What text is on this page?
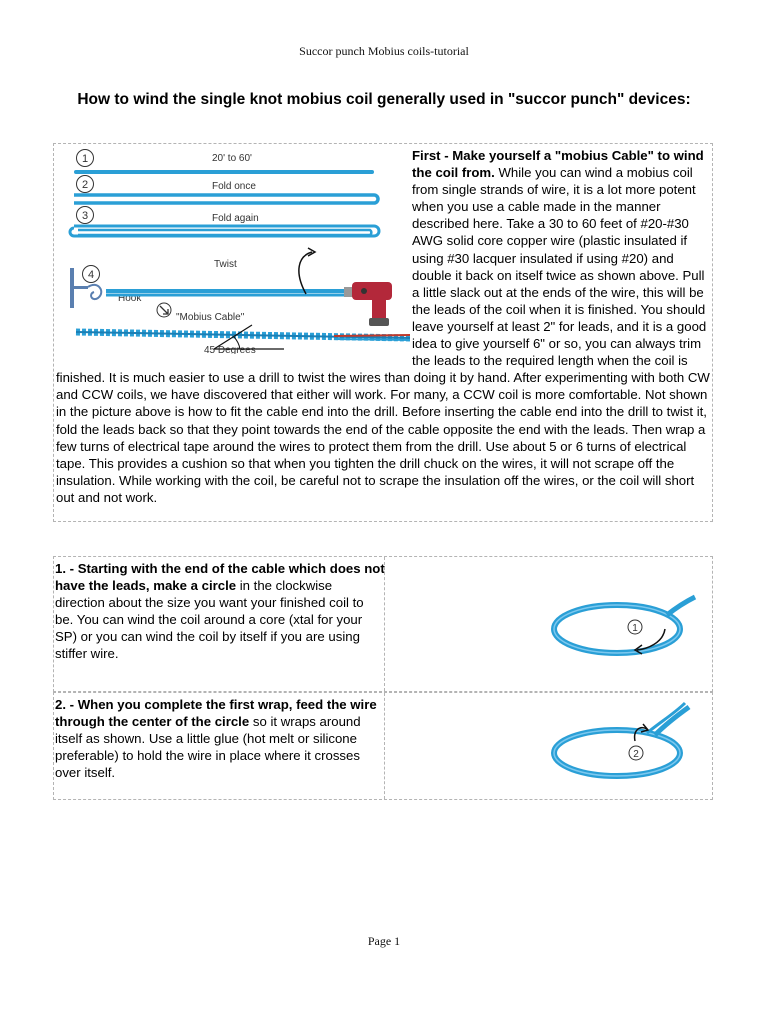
Succor punch Mobius coils-tutorial
How to wind the single knot mobius coil generally used in "succor punch" devices:
1	20' to 60'
2	Fold once
3	Fold again
4
Twist
Hook
"Mobius Cable"
45 Degrees
First - Make yourself a "mobius Cable" to wind the coil from. While you can wind a mobius coil from single strands of wire, it is a lot more potent when you use a cable made in the manner described here. Take a 30 to 60 feet of #20-#30 AWG solid core copper wire (plastic insulated if using #30 lacquer insulated if using #20) and double it back on itself twice as shown above. Pull a little slack out at the ends of the wire, this will be the leads of the coil when it is finished. You should leave yourself at least 2" for leads, and it is a good idea to give yourself 6" or so, you can always trim the leads to the required length when the coil is finished. It is much easier to use a drill to twist the wires than doing it by hand. After experimenting with both CW and CCW coils, we have discovered that either will work. For many, a CCW coil is more comfortable. Not shown in the picture above is how to fit the cable end into the drill. Before inserting the cable end into the drill to twist it, fold the leads back so that they point towards the end of the cable opposite the end with the leads. Then wrap a few turns of electrical tape around the wires to protect them from the drill. Use about 5 or 6 turns of electrical tape. This provides a cushion so that when you tighten the drill chuck on the wires, it will not scrape off the insulation. While working with the coil, be careful not to scrape the insulation off the wires, or the coil will short out and not work.
1. - Starting with the end of the cable which does not have the leads, make a circle in the clockwise direction about the size you want your finished coil to be. You can wind the coil around a core (xtal for your SP) or you can wind the coil by itself if you are using stiffer wire.
1
2. - When you complete the first wrap, feed the wire through the center of the circle so it wraps around itself as shown. Use a little glue (hot melt or silicone preferable) to hold the wire in place where it crosses over itself.
2
Page 1
